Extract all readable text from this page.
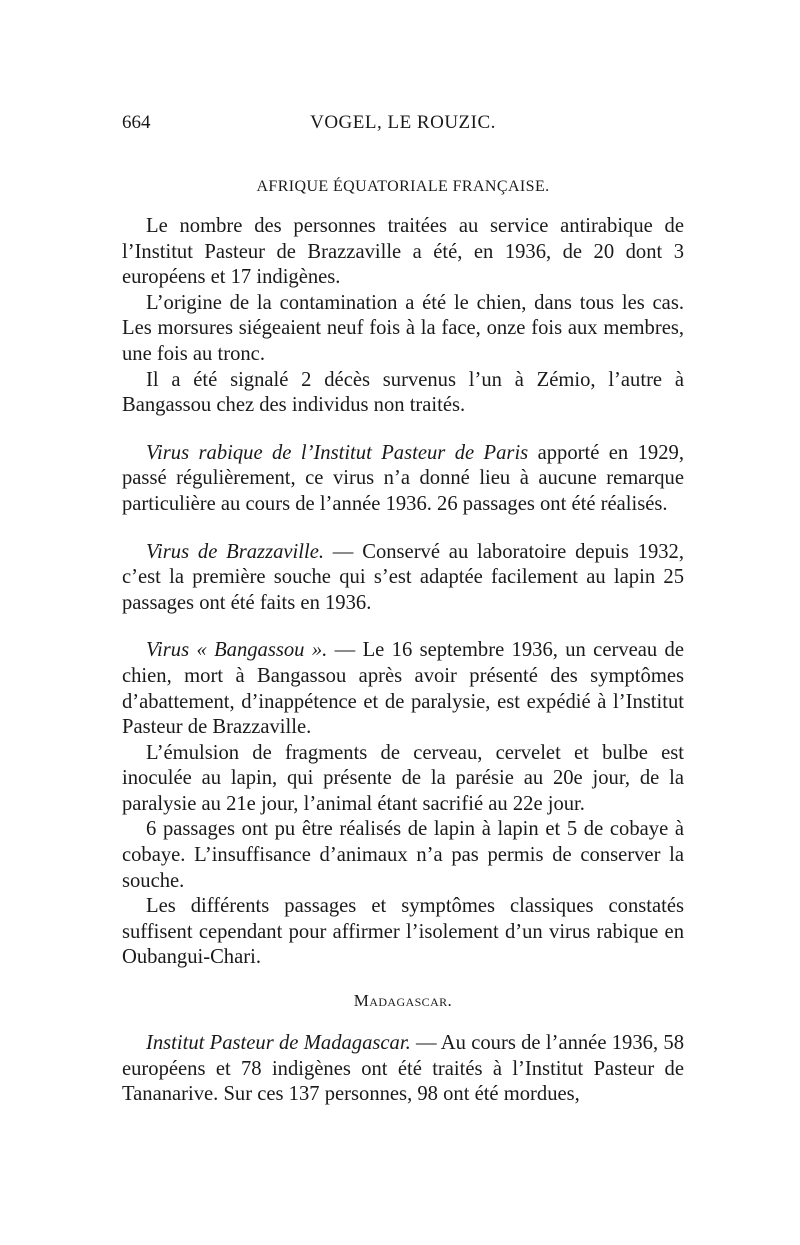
664	VOGEL, LE ROUZIC.
AFRIQUE ÉQUATORIALE FRANÇAISE.

Le nombre des personnes traitées au service antirabique de l’Institut Pasteur de Brazzaville a été, en 1936, de 20 dont 3 européens et 17 indigènes.

L’origine de la contamination a été le chien, dans tous les cas. Les morsures siégeaient neuf fois à la face, onze fois aux membres, une fois au tronc.

Il a été signalé 2 décès survenus l’un à Zémio, l’autre à Bangassou chez des individus non traités.

Virus rabique de l’Institut Pasteur de Paris apporté en 1929, passé régulièrement, ce virus n’a donné lieu à aucune remarque particulière au cours de l’année 1936. 26 passages ont été réalisés.

Virus de Brazzaville. — Conservé au laboratoire depuis 1932, c’est la première souche qui s’est adaptée facilement au lapin 25 passages ont été faits en 1936.

Virus « Bangassou ». — Le 16 septembre 1936, un cerveau de chien, mort à Bangassou après avoir présenté des symptômes d’abattement, d’inappétence et de paralysie, est expédié à l’Institut Pasteur de Brazzaville.

L’émulsion de fragments de cerveau, cervelet et bulbe est inoculée au lapin, qui présente de la parésie au 20e jour, de la paralysie au 21e jour, l’animal étant sacrifié au 22e jour.

6 passages ont pu être réalisés de lapin à lapin et 5 de cobaye à cobaye. L’insuffisance d’animaux n’a pas permis de conserver la souche.

Les différents passages et symptômes classiques constatés suffisent cependant pour affirmer l’isolement d’un virus rabique en Oubangui-Chari.

Madagascar.

Institut Pasteur de Madagascar. — Au cours de l’année 1936, 58 européens et 78 indigènes ont été traités à l’Institut Pasteur de Tananarive. Sur ces 137 personnes, 98 ont été mordues,
